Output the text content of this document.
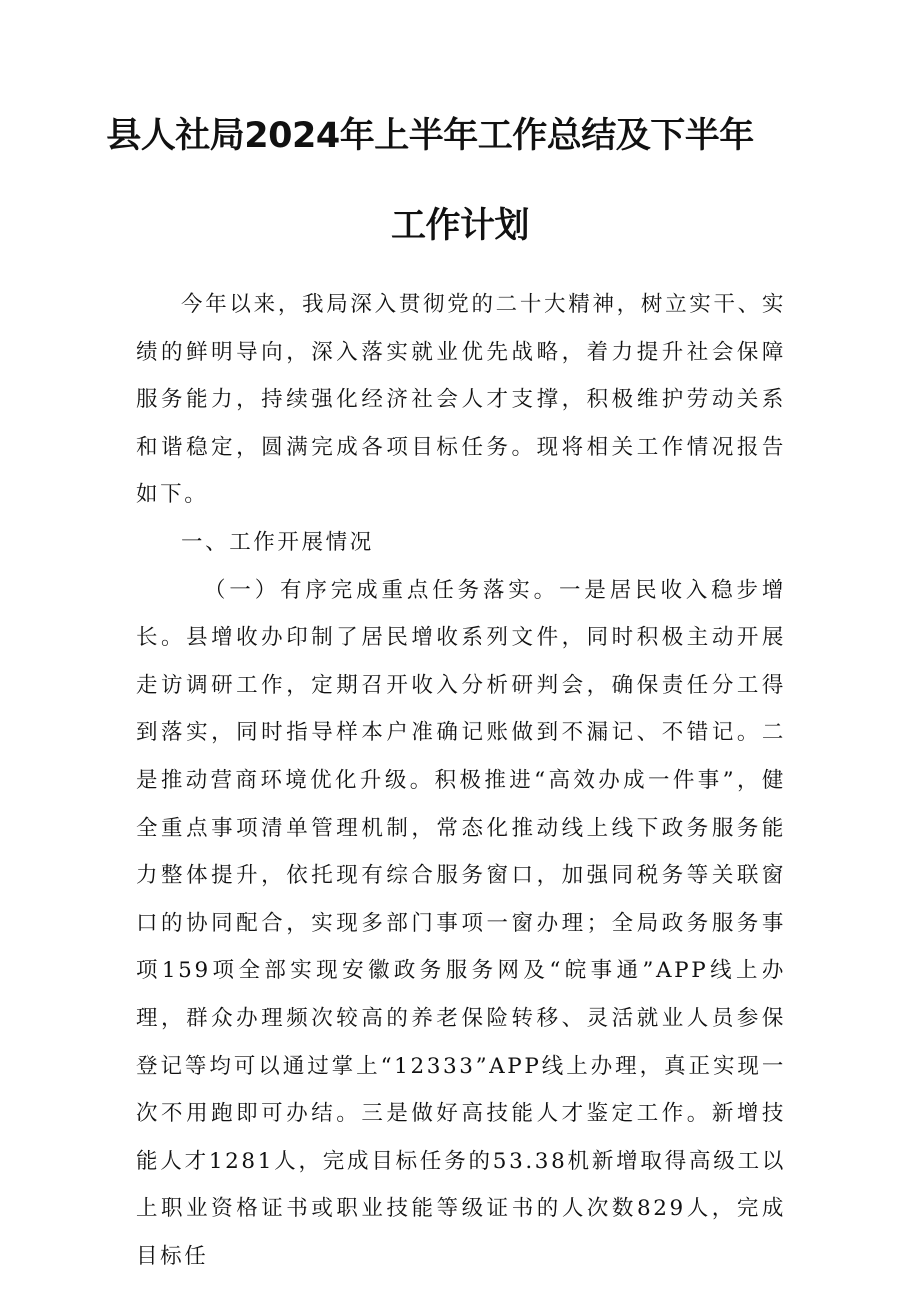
县人社局2024年上半年工作总结及下半年
工作计划

今年以来，我局深入贯彻党的二十大精神，树立实干、实绩的鲜明导向，深入落实就业优先战略，着力提升社会保障服务能力，持续强化经济社会人才支撑，积极维护劳动关系和谐稳定，圆满完成各项目标任务。现将相关工作情况报告如下。

一、工作开展情况

（一）有序完成重点任务落实。一是居民收入稳步增长。县增收办印制了居民增收系列文件，同时积极主动开展走访调研工作，定期召开收入分析研判会，确保责任分工得到落实，同时指导样本户准确记账做到不漏记、不错记。二是推动营商环境优化升级。积极推进“高效办成一件事”，健全重点事项清单管理机制，常态化推动线上线下政务服务能力整体提升，依托现有综合服务窗口，加强同税务等关联窗口的协同配合，实现多部门事项一窗办理；全局政务服务事项159项全部实现安徽政务服务网及“皖事通”APP线上办理，群众办理频次较高的养老保险转移、灵活就业人员参保登记等均可以通过掌上“12333”APP线上办理，真正实现一次不用跑即可办结。三是做好高技能人才鉴定工作。新增技能人才1281人，完成目标任务的53.38机新增取得高级工以上职业资格证书或职业技能等级证书的人次数829人，完成目标任
